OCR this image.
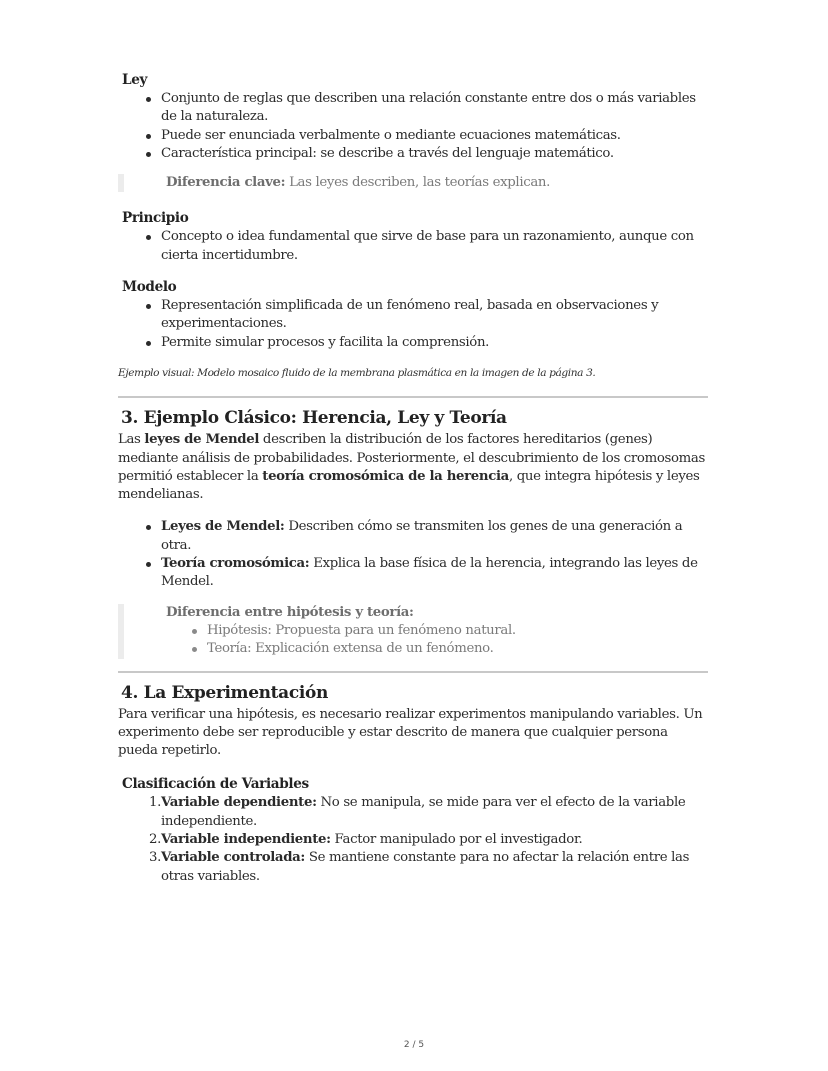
Ley
Conjunto de reglas que describen una relación constante entre dos o más variables de la naturaleza.
Puede ser enunciada verbalmente o mediante ecuaciones matemáticas.
Característica principal: se describe a través del lenguaje matemático.
Diferencia clave: Las leyes describen, las teorías explican.
Principio
Concepto o idea fundamental que sirve de base para un razonamiento, aunque con cierta incertidumbre.
Modelo
Representación simplificada de un fenómeno real, basada en observaciones y experimentaciones.
Permite simular procesos y facilita la comprensión.
Ejemplo visual: Modelo mosaico fluido de la membrana plasmática en la imagen de la página 3.
3. Ejemplo Clásico: Herencia, Ley y Teoría

Las leyes de Mendel describen la distribución de los factores hereditarios (genes) mediante análisis de probabilidades. Posteriormente, el descubrimiento de los cromosomas permitió establecer la teoría cromosómica de la herencia, que integra hipótesis y leyes mendelianas.

Leyes de Mendel: Describen cómo se transmiten los genes de una generación a otra.
Teoría cromosómica: Explica la base física de la herencia, integrando las leyes de Mendel.
Diferencia entre hipótesis y teoría:
Hipótesis: Propuesta para un fenómeno natural.
Teoría: Explicación extensa de un fenómeno.
4. La Experimentación

Para verificar una hipótesis, es necesario realizar experimentos manipulando variables. Un experimento debe ser reproducible y estar descrito de manera que cualquier persona pueda repetirlo.

Clasificación de Variables
Variable dependiente: No se manipula, se mide para ver el efecto de la variable independiente.
Variable independiente: Factor manipulado por el investigador.
Variable controlada: Se mantiene constante para no afectar la relación entre las otras variables.
2 / 5
